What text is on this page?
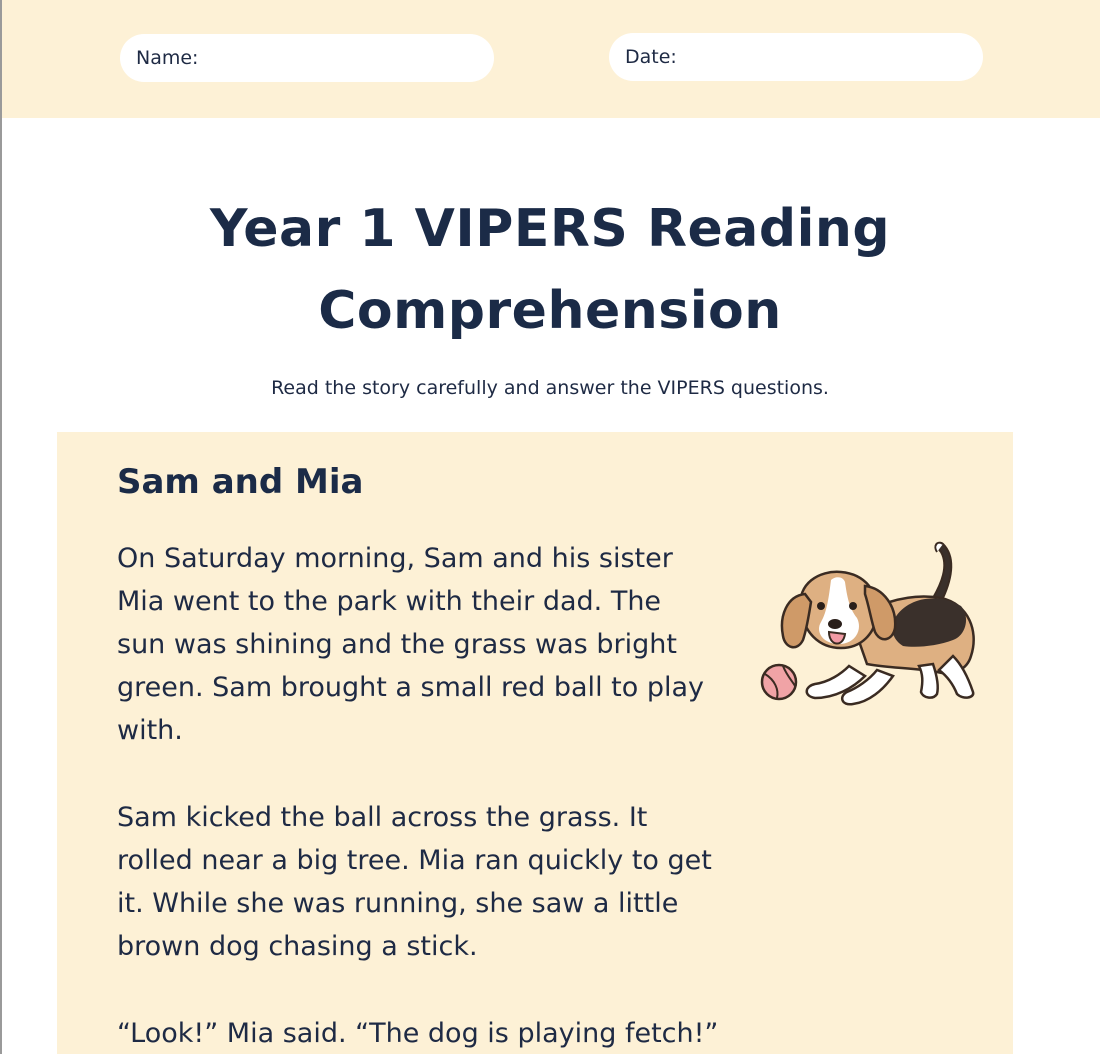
Name:	Date:
Year 1 VIPERS Reading Comprehension
Read the story carefully and answer the VIPERS questions.
Sam and Mia

On Saturday morning, Sam and his sister Mia went to the park with their dad. The sun was shining and the grass was bright green. Sam brought a small red ball to play with.

Sam kicked the ball across the grass. It rolled near a big tree. Mia ran quickly to get it. While she was running, she saw a little brown dog chasing a stick.

“Look!” Mia said. “The dog is playing fetch!”
